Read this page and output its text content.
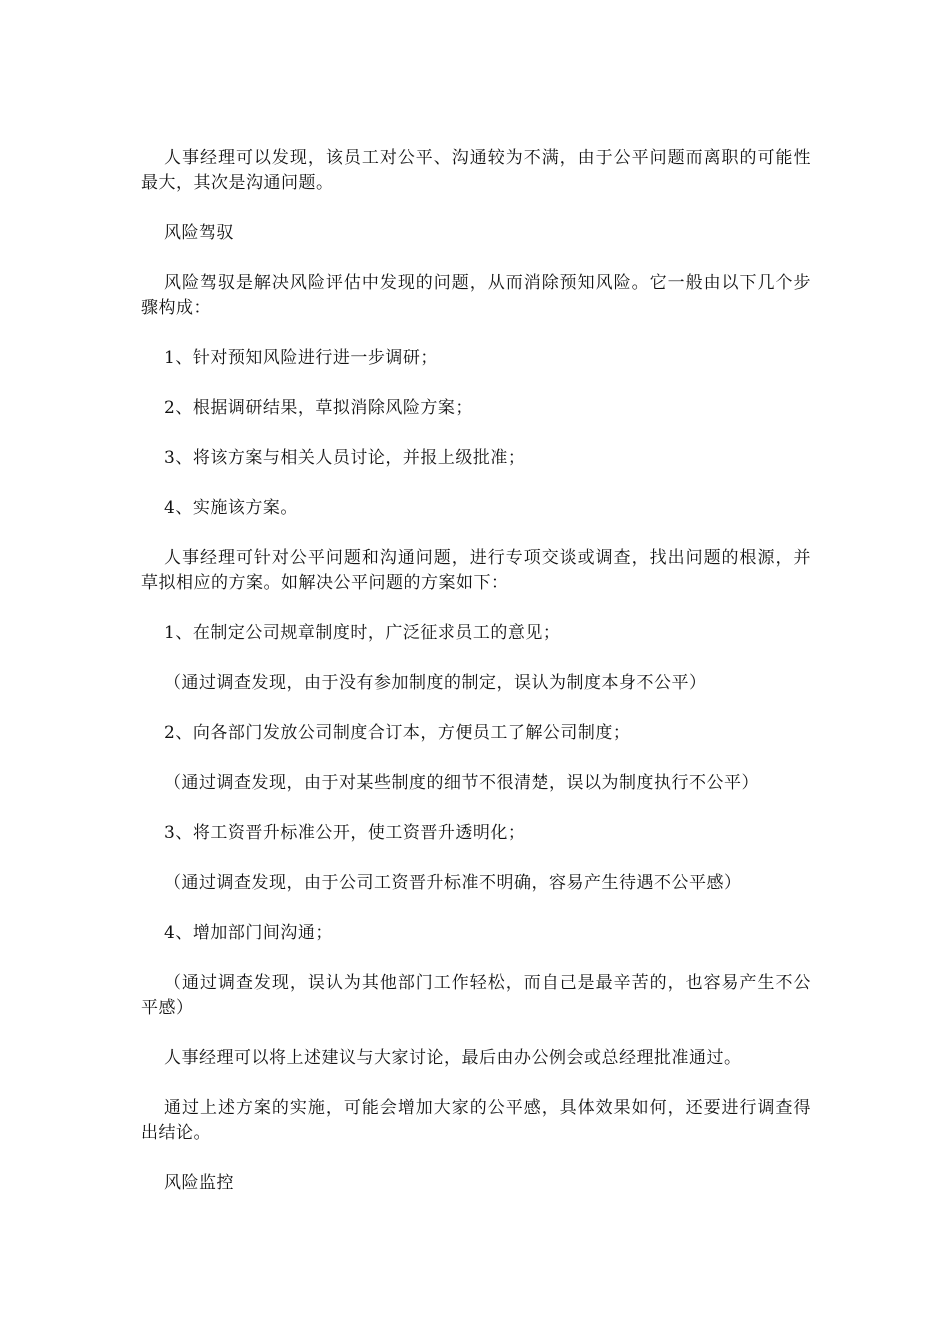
人事经理可以发现，该员工对公平、沟通较为不满，由于公平问题而离职的可能性最大，其次是沟通问题。

风险驾驭

风险驾驭是解决风险评估中发现的问题，从而消除预知风险。它一般由以下几个步骤构成：

1、针对预知风险进行进一步调研；

2、根据调研结果，草拟消除风险方案；

3、将该方案与相关人员讨论，并报上级批准；

4、实施该方案。

人事经理可针对公平问题和沟通问题，进行专项交谈或调查，找出问题的根源，并草拟相应的方案。如解决公平问题的方案如下：

1、在制定公司规章制度时，广泛征求员工的意见；

（通过调查发现，由于没有参加制度的制定，误认为制度本身不公平）

2、向各部门发放公司制度合订本，方便员工了解公司制度；

（通过调查发现，由于对某些制度的细节不很清楚，误以为制度执行不公平）

3、将工资晋升标准公开，使工资晋升透明化；

（通过调查发现，由于公司工资晋升标准不明确，容易产生待遇不公平感）

4、增加部门间沟通；

（通过调查发现，误认为其他部门工作轻松，而自己是最辛苦的，也容易产生不公平感）

人事经理可以将上述建议与大家讨论，最后由办公例会或总经理批准通过。

通过上述方案的实施，可能会增加大家的公平感，具体效果如何，还要进行调查得出结论。

风险监控
